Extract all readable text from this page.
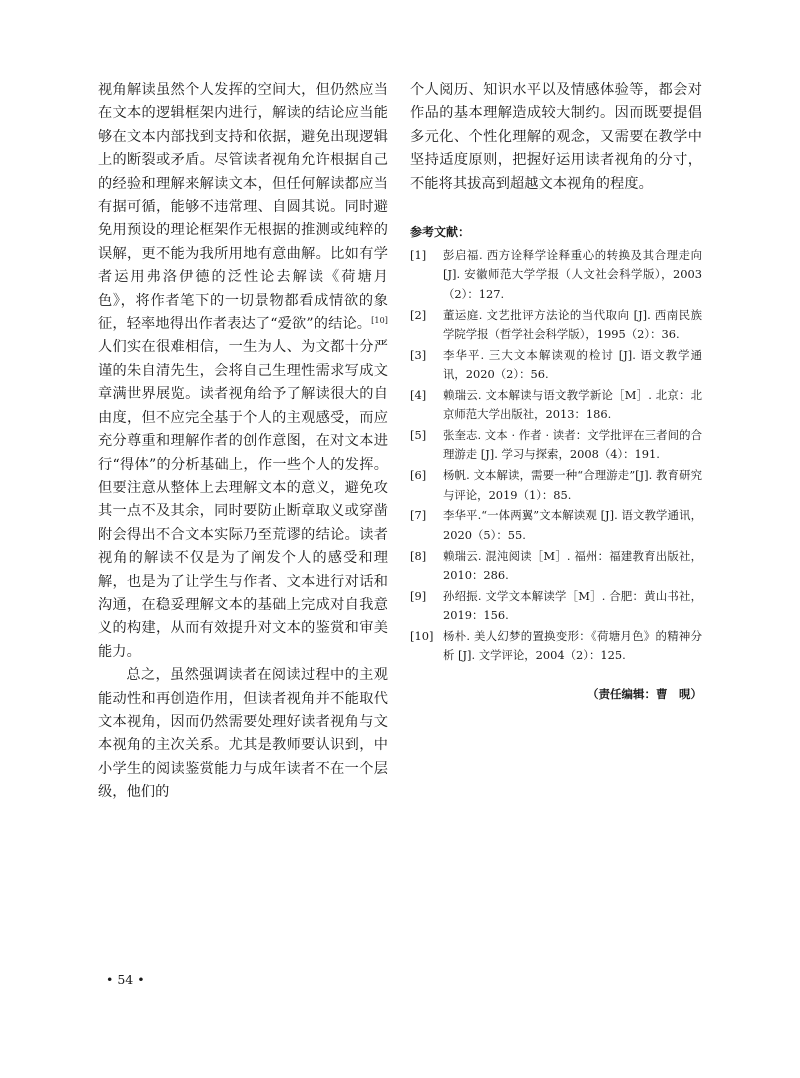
视角解读虽然个人发挥的空间大，但仍然应当在文本的逻辑框架内进行，解读的结论应当能够在文本内部找到支持和依据，避免出现逻辑上的断裂或矛盾。尽管读者视角允许根据自己的经验和理解来解读文本，但任何解读都应当有据可循，能够不违常理、自圆其说。同时避免用预设的理论框架作无根据的推测或纯粹的误解，更不能为我所用地有意曲解。比如有学者运用弗洛伊德的泛性论去解读《荷塘月色》，将作者笔下的一切景物都看成情欲的象征，轻率地得出作者表达了“爱欲”的结论。[10]人们实在很难相信，一生为人、为文都十分严谨的朱自清先生，会将自己生理性需求写成文章满世界展览。读者视角给予了解读很大的自由度，但不应完全基于个人的主观感受，而应充分尊重和理解作者的创作意图，在对文本进行“得体”的分析基础上，作一些个人的发挥。但要注意从整体上去理解文本的意义，避免攻其一点不及其余，同时要防止断章取义或穿凿附会得出不合文本实际乃至荒谬的结论。读者视角的解读不仅是为了阐发个人的感受和理解，也是为了让学生与作者、文本进行对话和沟通，在稳妥理解文本的基础上完成对自我意义的构建，从而有效提升对文本的鉴赏和审美能力。

总之，虽然强调读者在阅读过程中的主观能动性和再创造作用，但读者视角并不能取代文本视角，因而仍然需要处理好读者视角与文本视角的主次关系。尤其是教师要认识到，中小学生的阅读鉴赏能力与成年读者不在一个层级，他们的

个人阅历、知识水平以及情感体验等，都会对作品的基本理解造成较大制约。因而既要提倡多元化、个性化理解的观念，又需要在教学中坚持适度原则，把握好运用读者视角的分寸，不能将其拔高到超越文本视角的程度。

参考文献：
[1]	彭启福. 西方诠释学诠释重心的转换及其合理走向[J]. 安徽师范大学学报（人文社会科学版），2003（2）：127.
[2]	董运庭. 文艺批评方法论的当代取向 [J]. 西南民族学院学报（哲学社会科学版），1995（2）：36.
[3]	李华平. 三大文本解读观的检讨 [J]. 语文教学通讯，2020（2）：56.
[4]	赖瑞云. 文本解读与语文教学新论［M］. 北京：北京师范大学出版社，2013：186.
[5]	张奎志. 文本 · 作者 · 读者：文学批评在三者间的合理游走 [J]. 学习与探索，2008（4）：191.
[6]	杨帆. 文本解读，需要一种“合理游走”[J]. 教育研究与评论，2019（1）：85.
[7]	李华平.“一体两翼”文本解读观 [J]. 语文教学通讯，2020（5）：55.
[8]	赖瑞云. 混沌阅读［M］. 福州：福建教育出版社，2010：286.
[9]	孙绍振. 文学文本解读学［M］. 合肥：黄山书社，2019：156.
[10] 杨朴. 美人幻梦的置换变形：《荷塘月色》的精神分析 [J]. 文学评论，2004（2）：125.
（责任编辑：曹　晛）
• 54 •
